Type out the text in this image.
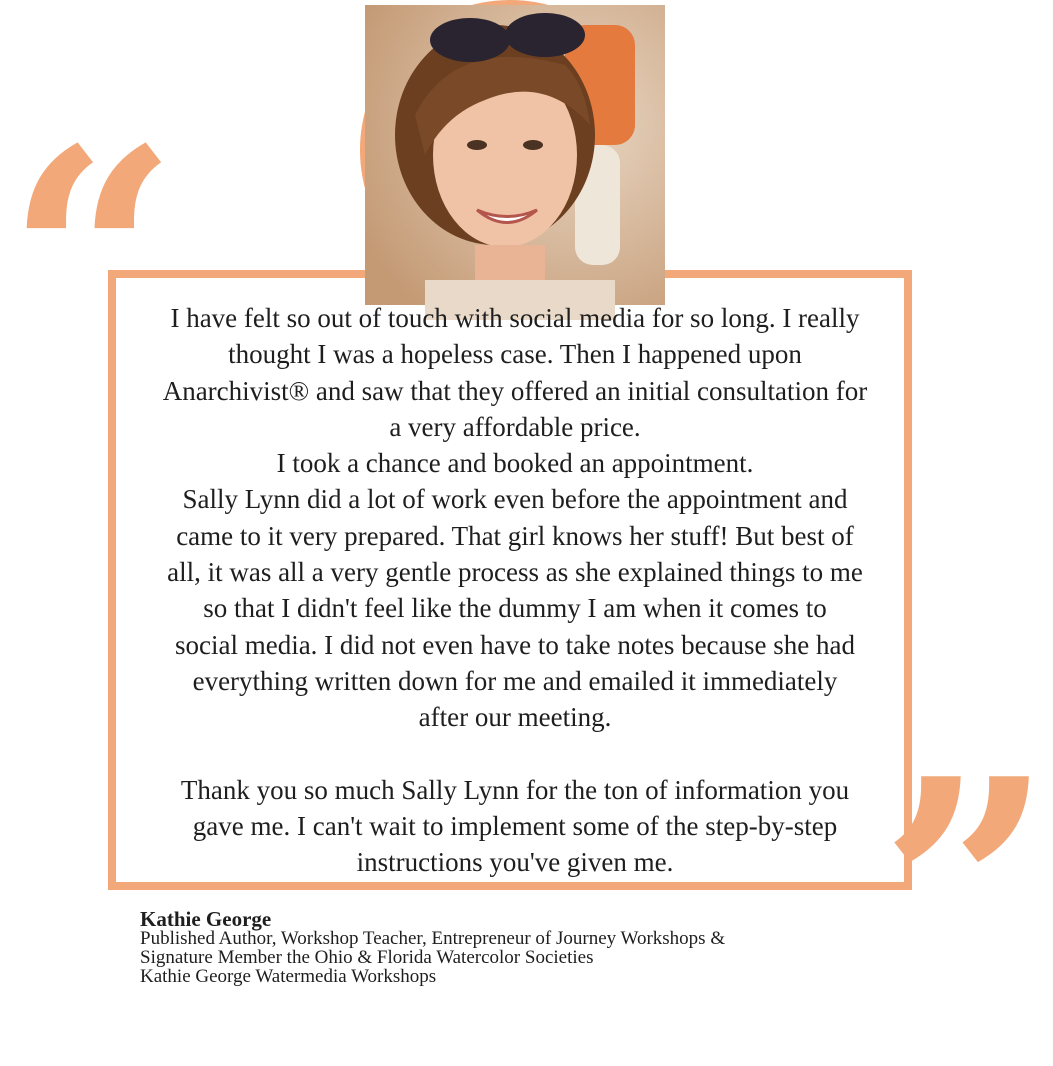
“
I have felt so out of touch with social media for so long. I really
thought I was a hopeless case. Then I happened upon
Anarchivist® and saw that they offered an initial consultation for
a very affordable price.
I took a chance and booked an appointment.
Sally Lynn did a lot of work even before the appointment and
came to it very prepared. That girl knows her stuff! But best of
all, it was all a very gentle process as she explained things to me
so that I didn't feel like the dummy I am when it comes to
social media. I did not even have to take notes because she had
everything written down for me and emailed it immediately
after our meeting.

Thank you so much Sally Lynn for the ton of information you
gave me. I can't wait to implement some of the step-by-step
instructions you've given me. ”
Kathie George
Published Author, Workshop Teacher, Entrepreneur of Journey Workshops &
Signature Member the Ohio & Florida Watercolor Societies
Kathie George Watermedia Workshops
